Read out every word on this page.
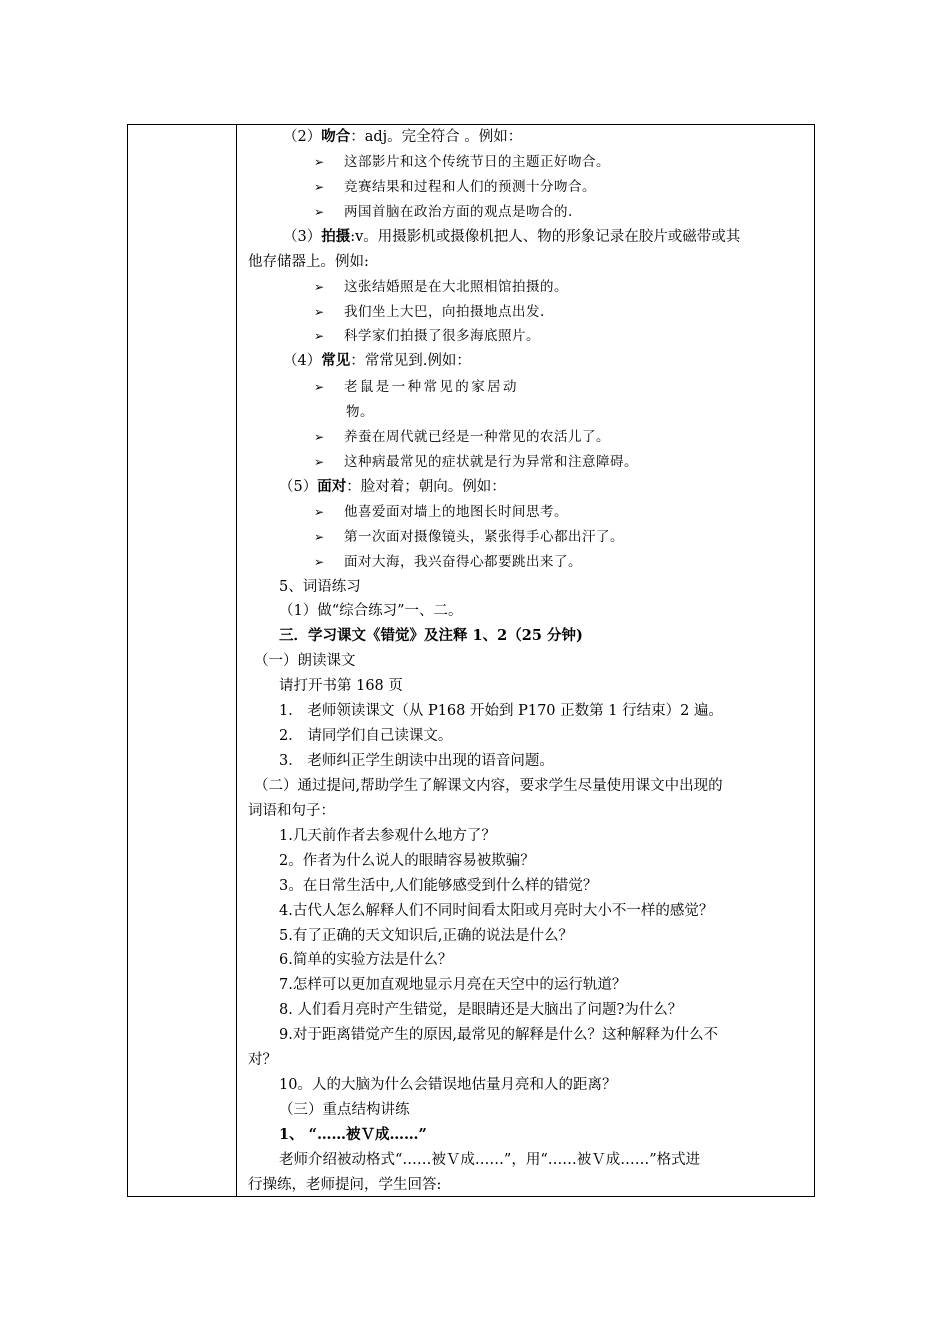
（2）吻合：adj。完全符合 。例如：
➢ 这部影片和这个传统节日的主题正好吻合。
➢ 竞赛结果和过程和人们的预测十分吻合。
➢ 两国首脑在政治方面的观点是吻合的.
（3）拍摄:v。用摄影机或摄像机把人、物的形象记录在胶片或磁带或其
他存储器上。例如:
➢ 这张结婚照是在大北照相馆拍摄的。
➢ 我们坐上大巴，向拍摄地点出发.
➢ 科学家们拍摄了很多海底照片。
（4）常见：常常见到.例如：
➢ 老鼠是一种常见的家居动
物。
➢ 养蚕在周代就已经是一种常见的农活儿了。
➢ 这种病最常见的症状就是行为异常和注意障碍。
（5）面对：脸对着；朝向。例如：
➢ 他喜爱面对墙上的地图长时间思考。
➢ 第一次面对摄像镜头，紧张得手心都出汗了。
➢ 面对大海，我兴奋得心都要跳出来了。
5、词语练习
（1）做“综合练习”一、二。
三．学习课文《错觉》及注释 1、2（25 分钟)
（一）朗读课文
请打开书第 168 页
1． 老师领读课文（从 P168 开始到 P170 正数第 1 行结束）2 遍。
2． 请同学们自己读课文。
3． 老师纠正学生朗读中出现的语音问题。
（二）通过提问,帮助学生了解课文内容，要求学生尽量使用课文中出现的
词语和句子：
1.几天前作者去参观什么地方了？
2。作者为什么说人的眼睛容易被欺骗？
3。在日常生活中,人们能够感受到什么样的错觉？
4.古代人怎么解释人们不同时间看太阳或月亮时大小不一样的感觉？
5.有了正确的天文知识后,正确的说法是什么？
6.简单的实验方法是什么？
7.怎样可以更加直观地显示月亮在天空中的运行轨道？
8. 人们看月亮时产生错觉，是眼睛还是大脑出了问题?为什么？
9.对于距离错觉产生的原因,最常见的解释是什么？这种解释为什么不
对？
10。人的大脑为什么会错误地估量月亮和人的距离？
（三）重点结构讲练
1、 “……被Ｖ成……”
老师介绍被动格式“……被Ｖ成……”，用“……被Ｖ成……”格式进
行操练，老师提问，学生回答:
